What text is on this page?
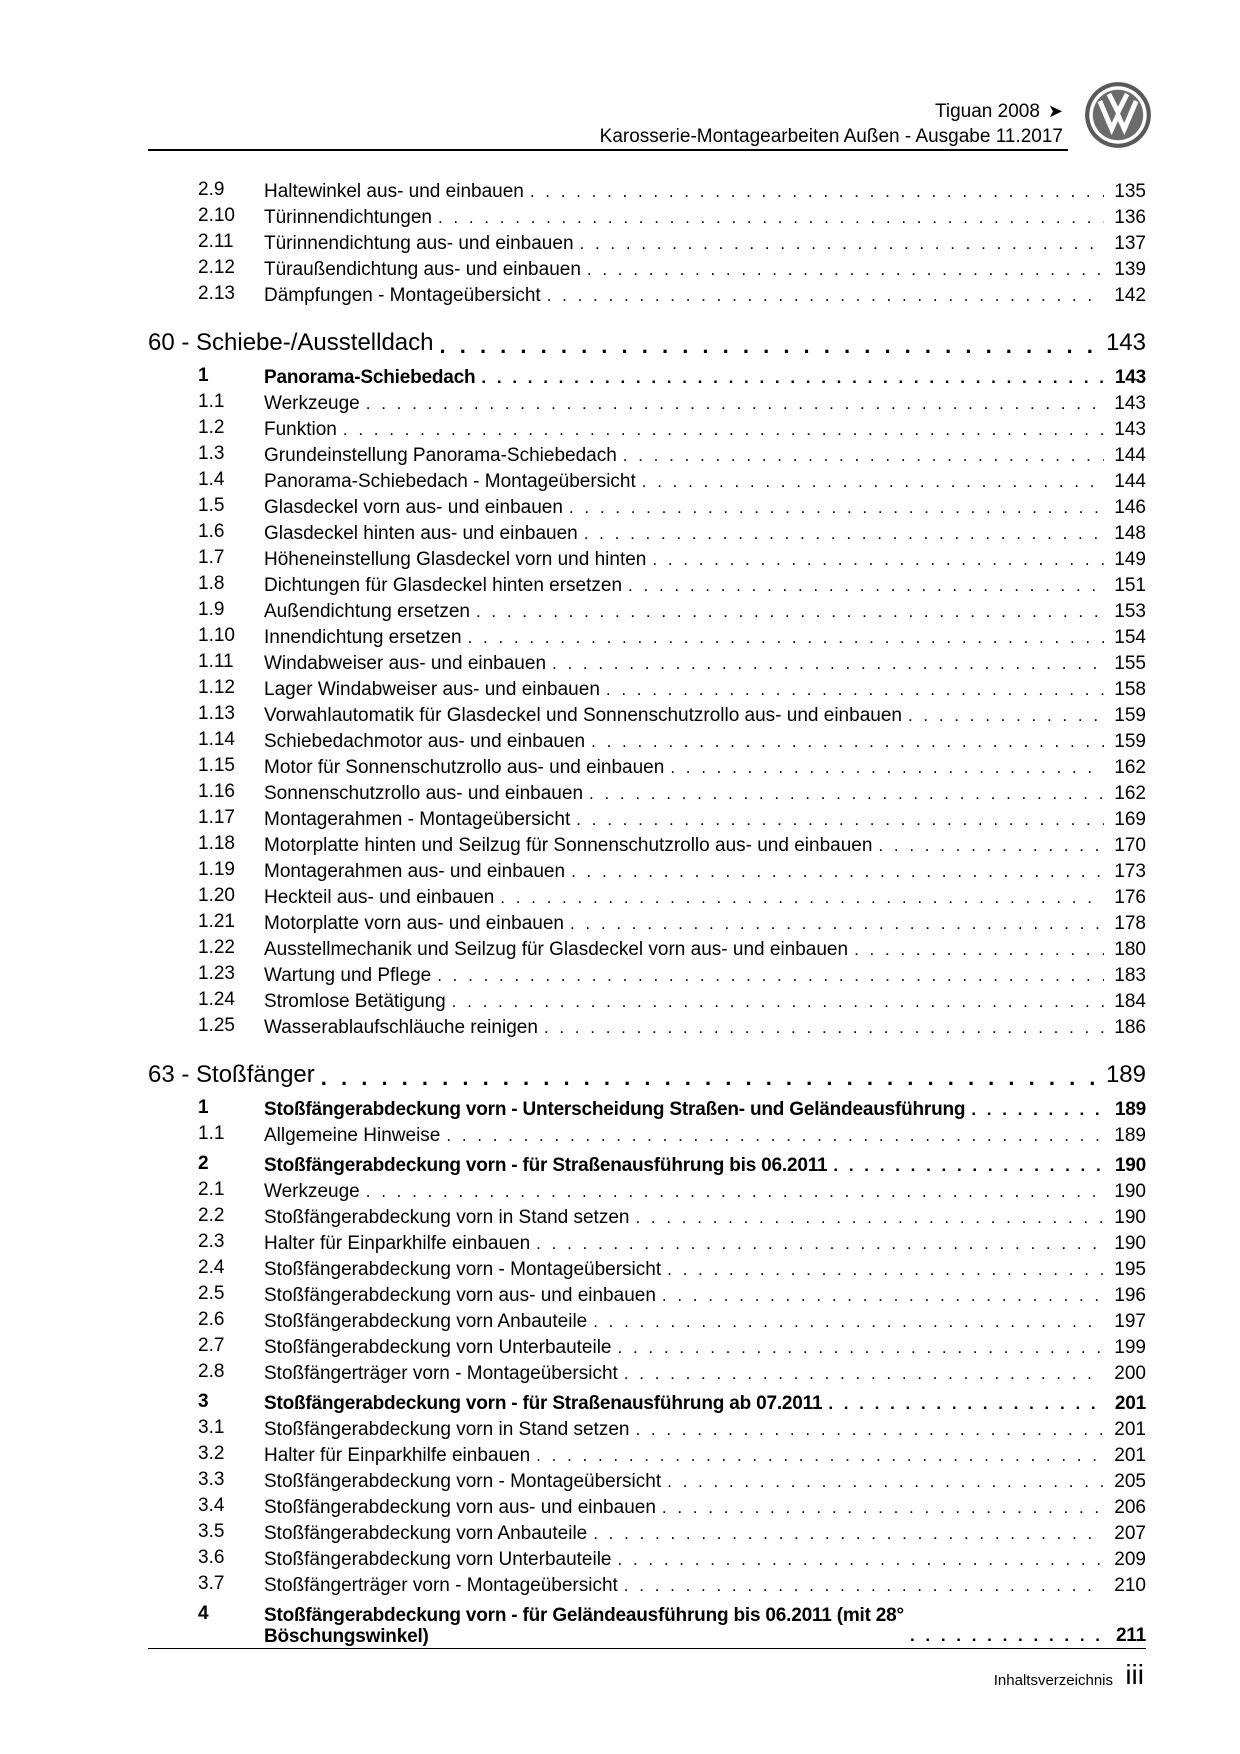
Tiguan 2008 ➤
Karosserie-Montagearbeiten Außen - Ausgabe 11.2017
2.9 Haltewinkel aus- und einbauen . . .	135
2.10 Türinnendichtungen . . .	136
2.11 Türinnendichtung aus- und einbauen . . .	137
2.12 Türaußendichtung aus- und einbauen . . .	139
2.13 Dämpfungen - Montageübersicht . . .	142
60 - Schiebe-/Ausstelldach . . .	143
1	Panorama-Schiebedach . . .	143
1.1 Werkzeuge . . .	143
1.2 Funktion . . .	143
1.3 Grundeinstellung Panorama-Schiebedach . . .	144
1.4 Panorama-Schiebedach - Montageübersicht . . .	144
1.5 Glasdeckel vorn aus- und einbauen . . .	146
1.6 Glasdeckel hinten aus- und einbauen . . .	148
1.7 Höheneinstellung Glasdeckel vorn und hinten . . .	149
1.8 Dichtungen für Glasdeckel hinten ersetzen . . .	151
1.9 Außendichtung ersetzen . . .	153
1.10 Innendichtung ersetzen . . .	154
1.11 Windabweiser aus- und einbauen . . .	155
1.12 Lager Windabweiser aus- und einbauen . . .	158
1.13 Vorwahlautomatik für Glasdeckel und Sonnenschutzrollo aus- und einbauen . . .	159
1.14 Schiebedachmotor aus- und einbauen . . .	159
1.15 Motor für Sonnenschutzrollo aus- und einbauen . . .	162
1.16 Sonnenschutzrollo aus- und einbauen . . .	162
1.17 Montagerahmen - Montageübersicht . . .	169
1.18 Motorplatte hinten und Seilzug für Sonnenschutzrollo aus- und einbauen . . .	170
1.19 Montagerahmen aus- und einbauen . . .	173
1.20 Heckteil aus- und einbauen . . .	176
1.21 Motorplatte vorn aus- und einbauen . . .	178
1.22 Ausstellmechanik und Seilzug für Glasdeckel vorn aus- und einbauen . . .	180
1.23 Wartung und Pflege . . .	183
1.24 Stromlose Betätigung . . .	184
1.25 Wasserablaufschläuche reinigen . . .	186
63 - Stoßfänger . . .	189
1	Stoßfängerabdeckung vorn - Unterscheidung Straßen- und Geländeausführung . . .	189
1.1 Allgemeine Hinweise . . .	189
2	Stoßfängerabdeckung vorn - für Straßenausführung bis 06.2011 . . .	190
2.1 Werkzeuge . . .	190
2.2 Stoßfängerabdeckung vorn in Stand setzen . . .	190
2.3 Halter für Einparkhilfe einbauen . . .	190
2.4 Stoßfängerabdeckung vorn - Montageübersicht . . .	195
2.5 Stoßfängerabdeckung vorn aus- und einbauen . . .	196
2.6 Stoßfängerabdeckung vorn Anbauteile . . .	197
2.7 Stoßfängerabdeckung vorn Unterbauteile . . .	199
2.8 Stoßfängerträger vorn - Montageübersicht . . .	200
3	Stoßfängerabdeckung vorn - für Straßenausführung ab 07.2011 . . .	201
3.1 Stoßfängerabdeckung vorn in Stand setzen . . .	201
3.2 Halter für Einparkhilfe einbauen . . .	201
3.3 Stoßfängerabdeckung vorn - Montageübersicht . . .	205
3.4 Stoßfängerabdeckung vorn aus- und einbauen . . .	206
3.5 Stoßfängerabdeckung vorn Anbauteile . . .	207
3.6 Stoßfängerabdeckung vorn Unterbauteile . . .	209
3.7 Stoßfängerträger vorn - Montageübersicht . . .	210
4	Stoßfängerabdeckung vorn - für Geländeausführung bis 06.2011 (mit 28°
Böschungswinkel) . . .	211
Inhaltsverzeichnis iii
